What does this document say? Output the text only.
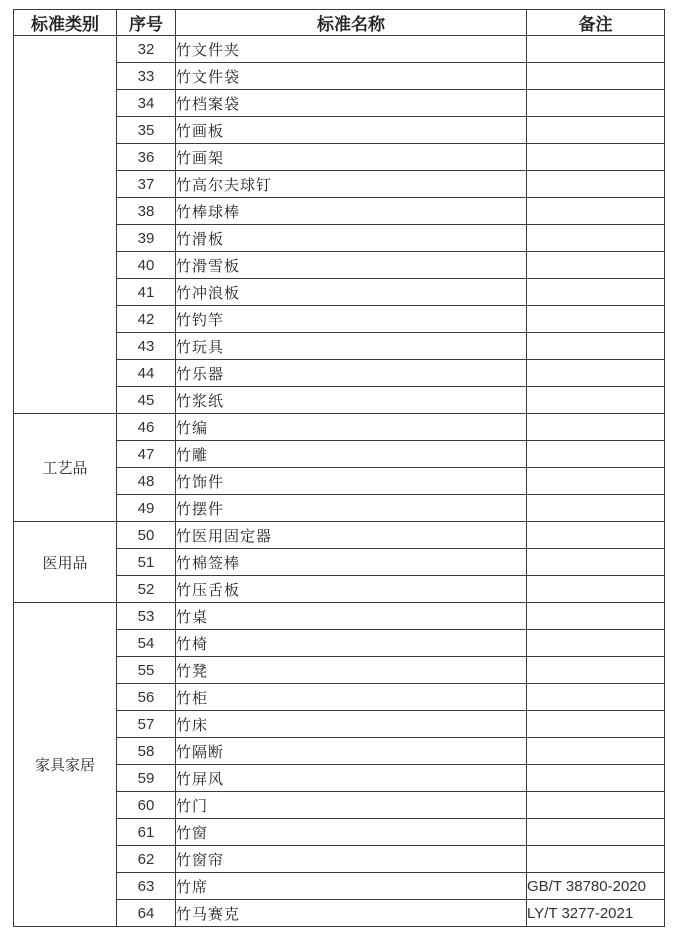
标准类别	序号	标准名称	备注
	32	竹文件夹	
	33	竹文件袋	
	34	竹档案袋	
	35	竹画板	
	36	竹画架	
	37	竹高尔夫球钉	
	38	竹棒球棒	
	39	竹滑板	
	40	竹滑雪板	
	41	竹冲浪板	
	42	竹钓竿	
	43	竹玩具	
	44	竹乐器	
	45	竹浆纸	
工艺品	46	竹编	
	47	竹雕	
	48	竹饰件	
	49	竹摆件	
医用品	50	竹医用固定器	
	51	竹棉签棒	
	52	竹压舌板	
家具家居	53	竹桌	
	54	竹椅	
	55	竹凳	
	56	竹柜	
	57	竹床	
	58	竹隔断	
	59	竹屏风	
	60	竹门	
	61	竹窗	
	62	竹窗帘	
	63	竹席	GB/T 38780-2020
	64	竹马赛克	LY/T 3277-2021
